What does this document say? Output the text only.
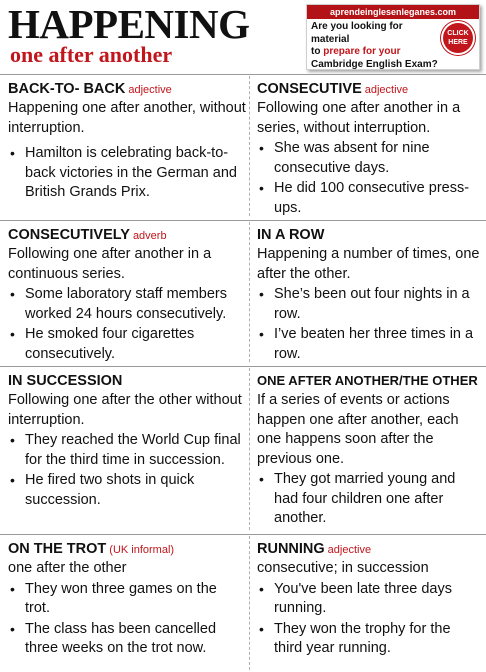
HAPPENING
one after another
aprendeinglesenleganes.com
Are you looking for material
to prepare for your
Cambridge English Exam?
CLICK HERE
BACK-TO- BACK adjective
Happening one after another, without interruption.
• Hamilton is celebrating back-to-back victories in the German and British Grands Prix.
CONSECUTIVE adjective
Following one after another in a series, without interruption.
• She was absent for nine consecutive days.
• He did 100 consecutive press-ups.
CONSECUTIVELY adverb
Following one after another in a continuous series.
• Some laboratory staff members worked 24 hours consecutively.
• He smoked four cigarettes consecutively.
IN A ROW
Happening a number of times, one after the other.
• She’s been out four nights in a row.
• I’ve beaten her three times in a row.
IN SUCCESSION
Following one after the other without interruption.
• They reached the World Cup final for the third time in succession.
• He fired two shots in quick succession.
ONE AFTER ANOTHER/THE OTHER
If a series of events or actions happen one after another, each one happens soon after the previous one.
• They got married young and had four children one after another.
ON THE TROT (UK informal)
one after the other
• They won three games on the trot.
• The class has been cancelled three weeks on the trot now.
RUNNING adjective
consecutive; in succession
• You've been late three days running.
• They won the trophy for the third year running.
